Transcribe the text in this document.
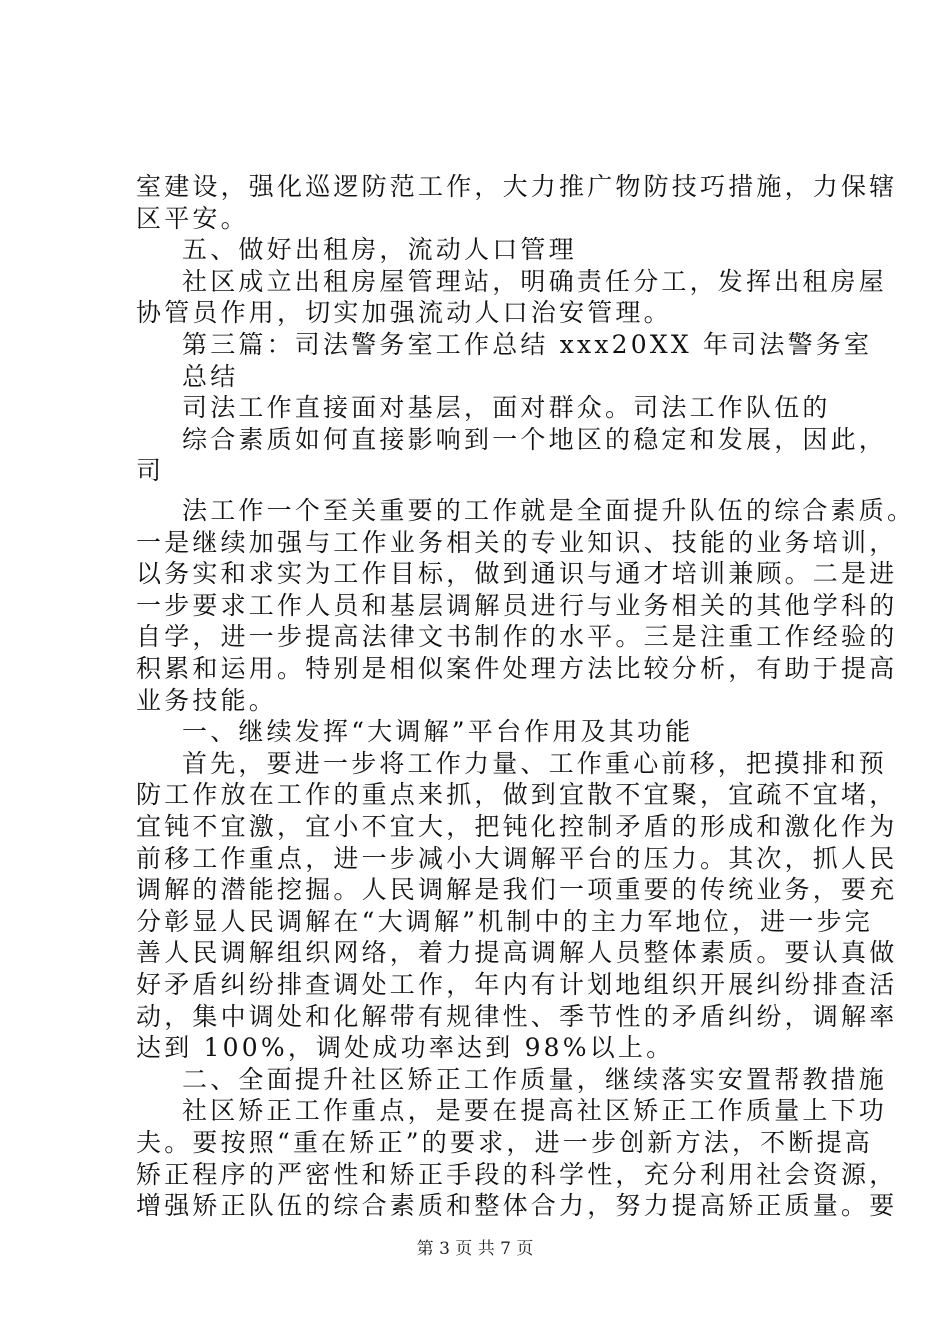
室建设，强化巡逻防范工作，大力推广物防技巧措施，力保辖
区平安。
五、做好出租房，流动人口管理
社区成立出租房屋管理站，明确责任分工，发挥出租房屋
协管员作用，切实加强流动人口治安管理。
第三篇：司法警务室工作总结 xxx20XX 年司法警务室
总结
司法工作直接面对基层，面对群众。司法工作队伍的
综合素质如何直接影响到一个地区的稳定和发展，因此，
司
法工作一个至关重要的工作就是全面提升队伍的综合素质。
一是继续加强与工作业务相关的专业知识、技能的业务培训，
以务实和求实为工作目标，做到通识与通才培训兼顾。二是进
一步要求工作人员和基层调解员进行与业务相关的其他学科的
自学，进一步提高法律文书制作的水平。三是注重工作经验的
积累和运用。特别是相似案件处理方法比较分析，有助于提高
业务技能。
一、继续发挥“大调解”平台作用及其功能
首先，要进一步将工作力量、工作重心前移，把摸排和预
防工作放在工作的重点来抓，做到宜散不宜聚，宜疏不宜堵，
宜钝不宜激，宜小不宜大，把钝化控制矛盾的形成和激化作为
前移工作重点，进一步减小大调解平台的压力。其次，抓人民
调解的潜能挖掘。人民调解是我们一项重要的传统业务，要充
分彰显人民调解在“大调解”机制中的主力军地位，进一步完
善人民调解组织网络，着力提高调解人员整体素质。要认真做
好矛盾纠纷排查调处工作，年内有计划地组织开展纠纷排查活
动，集中调处和化解带有规律性、季节性的矛盾纠纷，调解率
达到 100%，调处成功率达到 98%以上。
二、全面提升社区矫正工作质量，继续落实安置帮教措施
社区矫正工作重点，是要在提高社区矫正工作质量上下功
夫。要按照“重在矫正”的要求，进一步创新方法，不断提高
第 3 页 共 7 页
矫正程序的严密性和矫正手段的科学性，充分利用社会资源，
增强矫正队伍的综合素质和整体合力，努力提高矫正质量。要
